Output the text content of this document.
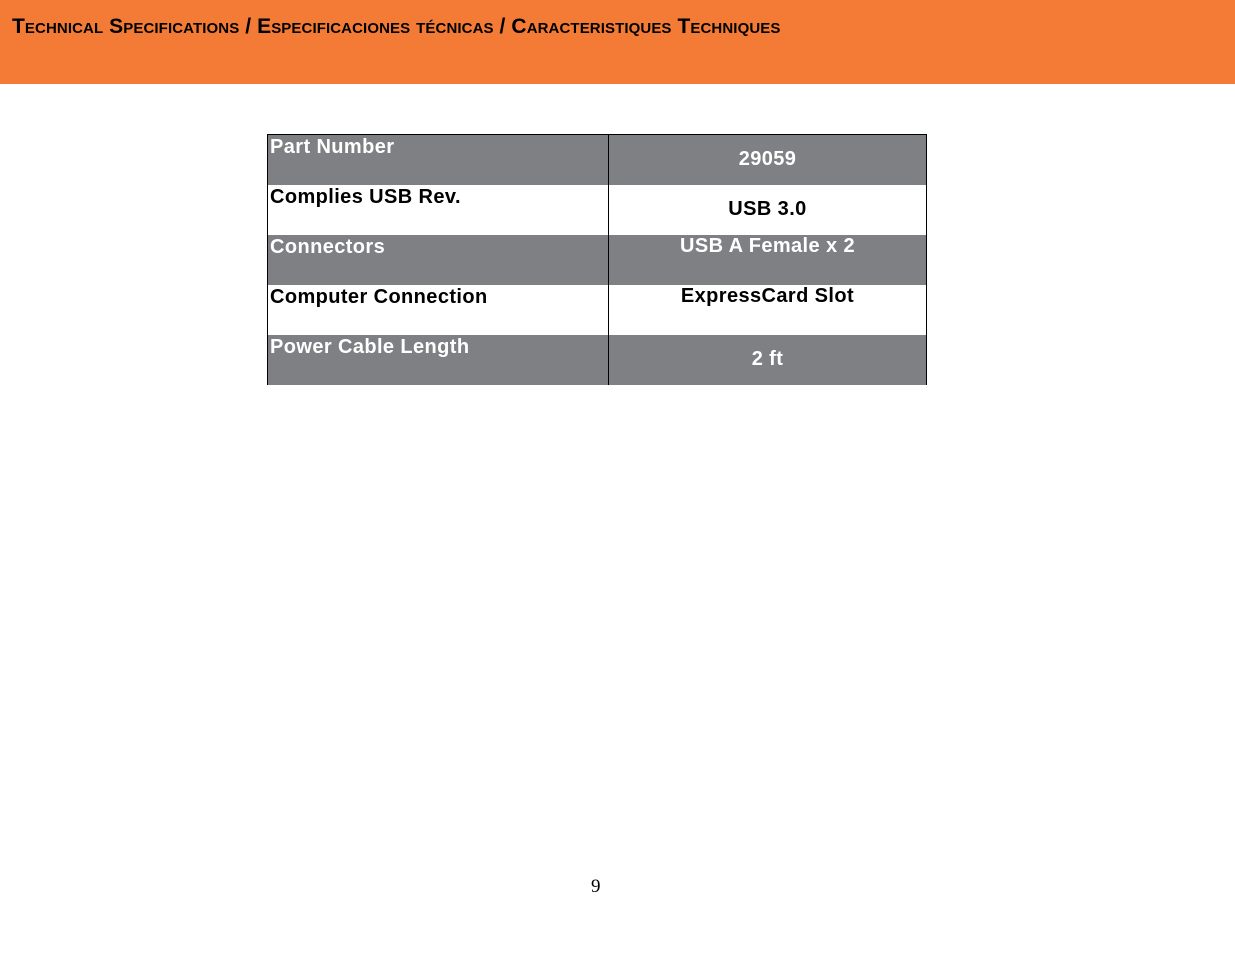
Technical Specifications / Especificaciones técnicas / Caracteristiques Techniques
Part Number	29059
Complies USB Rev.	USB 3.0
Connectors	USB A Female x 2
Computer Connection	ExpressCard Slot
Power Cable Length	2 ft
9
